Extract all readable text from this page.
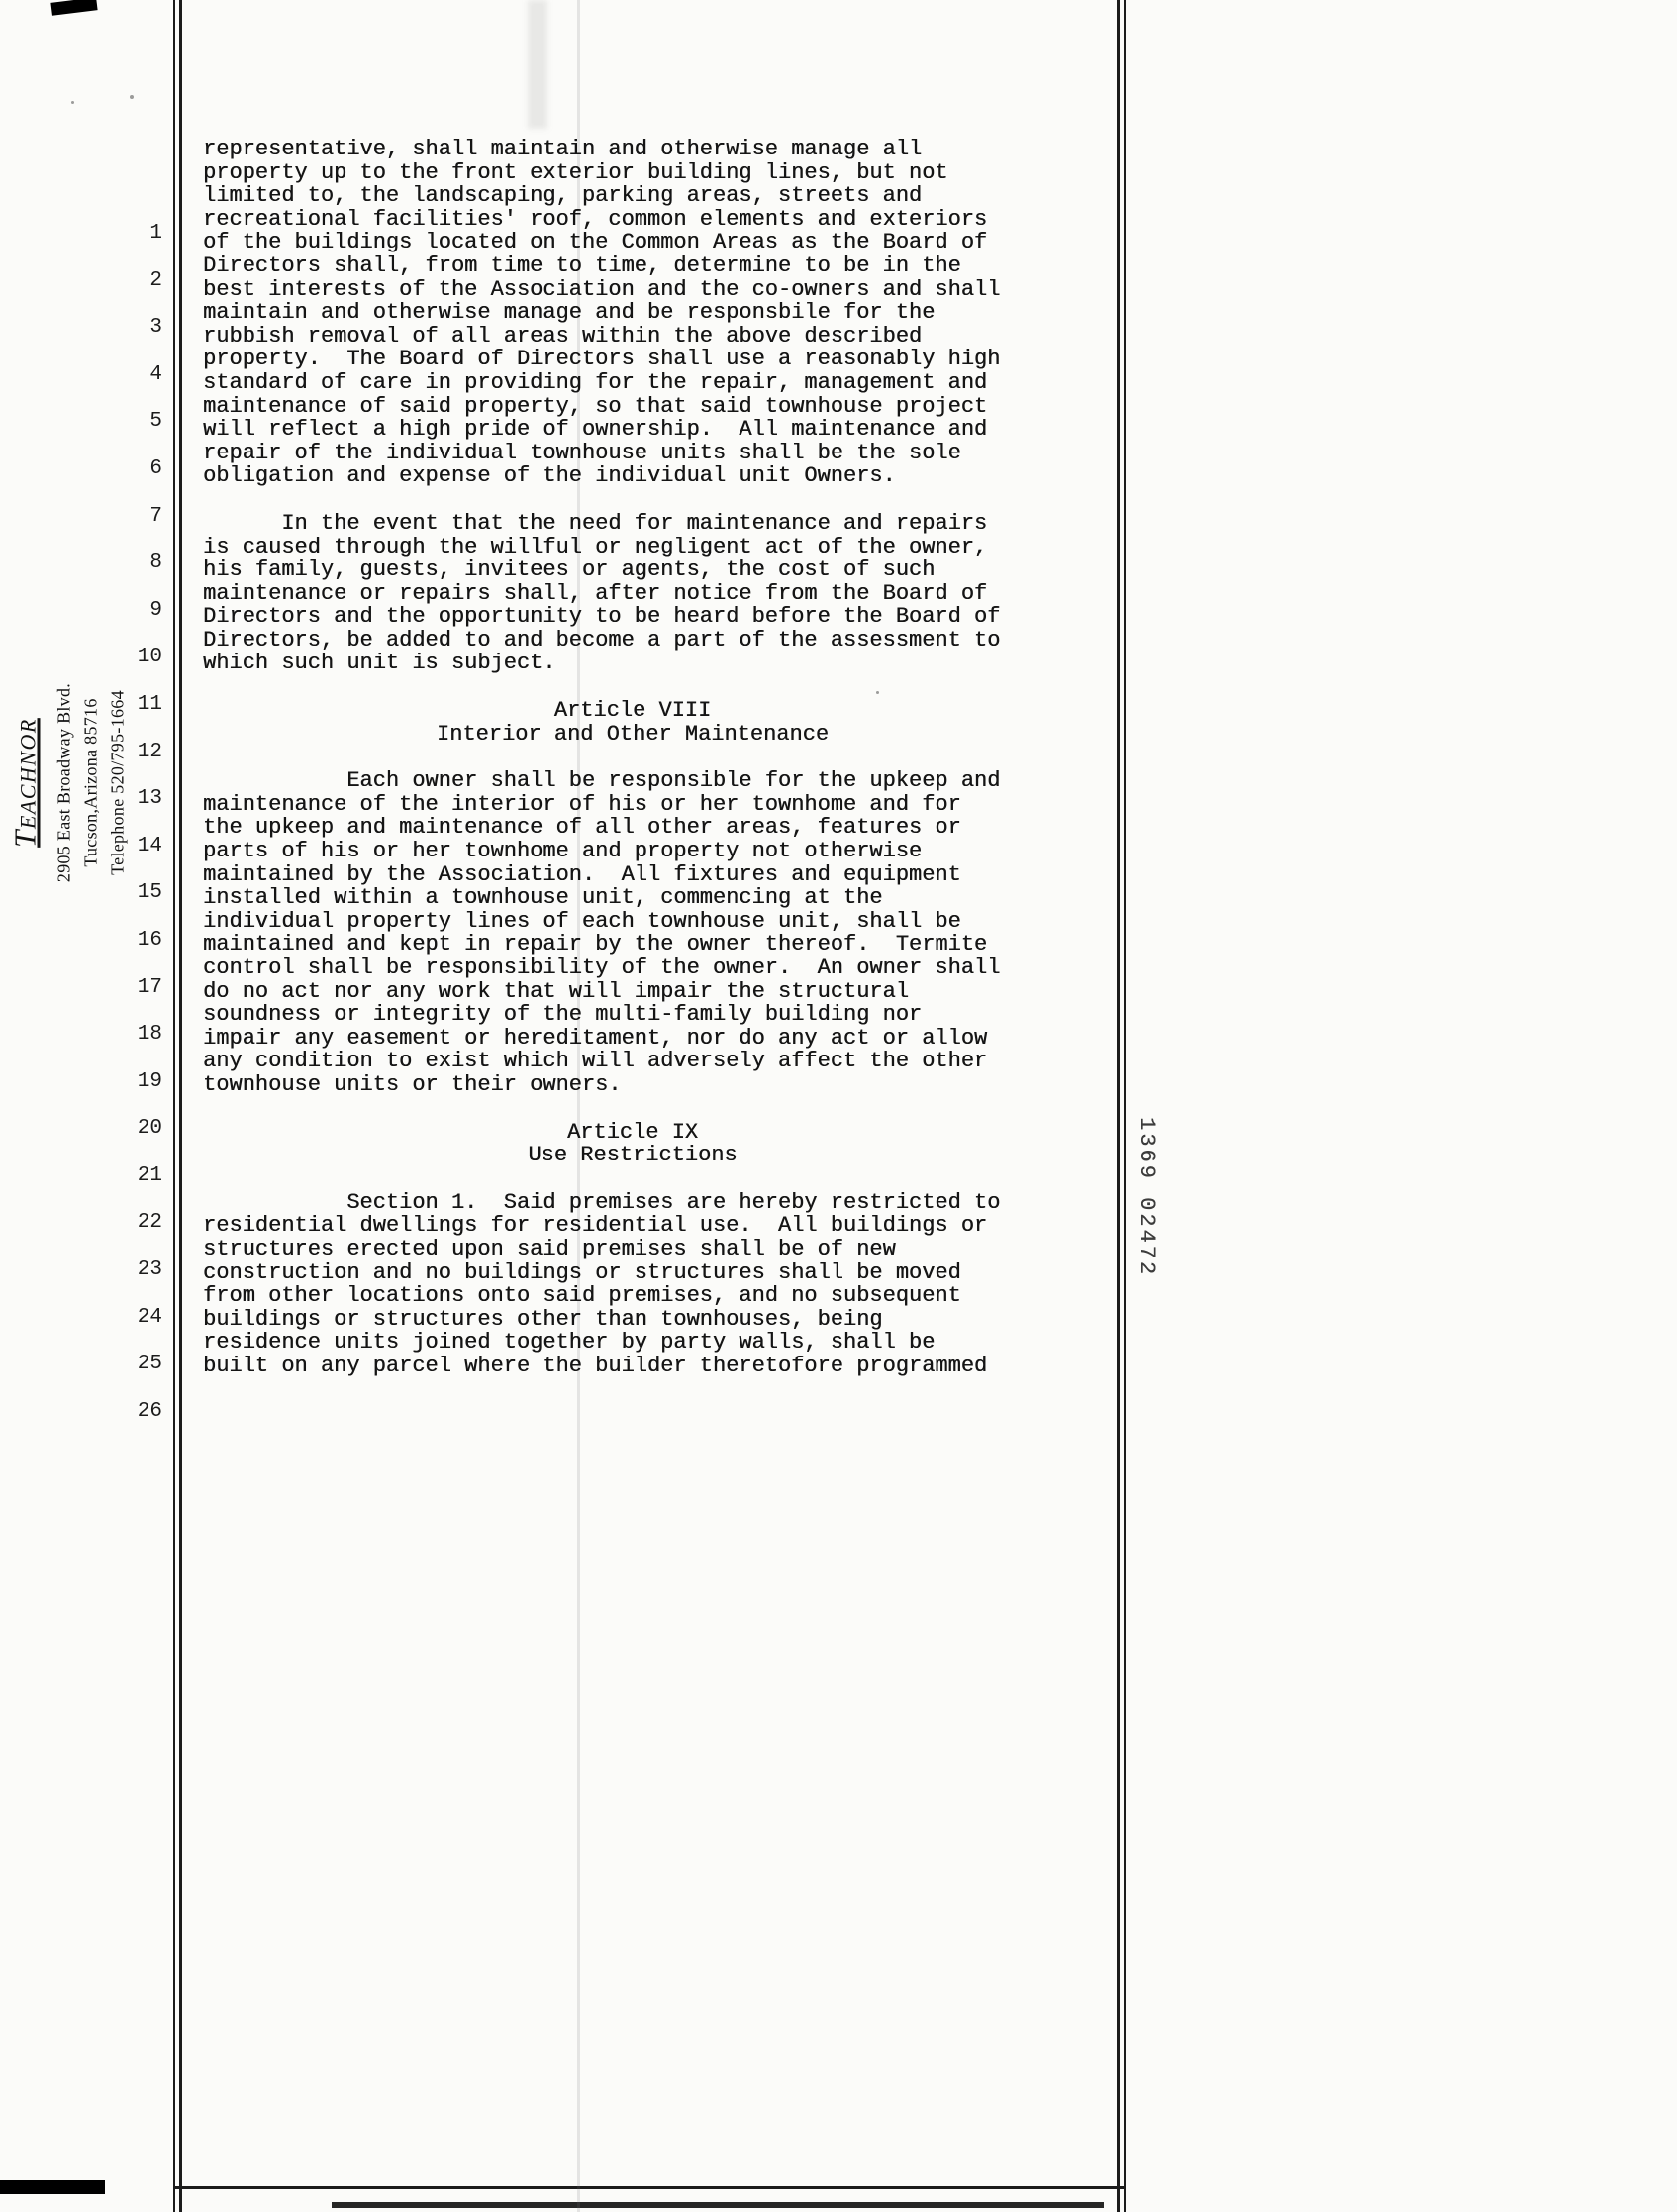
Teachnor 2905 East Broadway Blvd. Tucson,Arizona 85716 Telephone 520/795-1664
1
2
3
4
5
6
7
8
9
10
11
12
13
14
15
16
17
18
19
20
21
22
23
24
25
26
representative, shall maintain and otherwise manage all
property up to the front exterior building lines, but not
limited to, the landscaping, parking areas, streets and
recreational facilities' roof, common elements and exteriors
of the buildings located on the Common Areas as the Board of
Directors shall, from time to time, determine to be in the
best interests of the Association and the co-owners and shall
maintain and otherwise manage and be responsbile for the
rubbish removal of all areas within the above described
property.  The Board of Directors shall use a reasonably high
standard of care in providing for the repair, management and
maintenance of said property, so that said townhouse project
will reflect a high pride of ownership.  All maintenance and
repair of the individual townhouse units shall be the sole
obligation and expense of the individual unit Owners.
In the event that the need for maintenance and repairs
is caused through the willful or negligent act of the owner,
his family, guests, invitees or agents, the cost of such
maintenance or repairs shall, after notice from the Board of
Directors and the opportunity to be heard before the Board of
Directors, be added to and become a part of the assessment to
which such unit is subject.
Article VIII
Interior and Other Maintenance
Each owner shall be responsible for the upkeep and
maintenance of the interior of his or her townhome and for
the upkeep and maintenance of all other areas, features or
parts of his or her townhome and property not otherwise
maintained by the Association.  All fixtures and equipment
installed within a townhouse unit, commencing at the
individual property lines of each townhouse unit, shall be
maintained and kept in repair by the owner thereof.  Termite
control shall be responsibility of the owner.  An owner shall
do no act nor any work that will impair the structural
soundness or integrity of the multi-family building nor
impair any easement or hereditament, nor do any act or allow
any condition to exist which will adversely affect the other
townhouse units or their owners.
Article IX
Use Restrictions
Section 1.  Said premises are hereby restricted to
residential dwellings for residential use.  All buildings or
structures erected upon said premises shall be of new
construction and no buildings or structures shall be moved
from other locations onto said premises, and no subsequent
buildings or structures other than townhouses, being
residence units joined together by party walls, shall be
built on any parcel where the builder theretofore programmed
1369 02472
